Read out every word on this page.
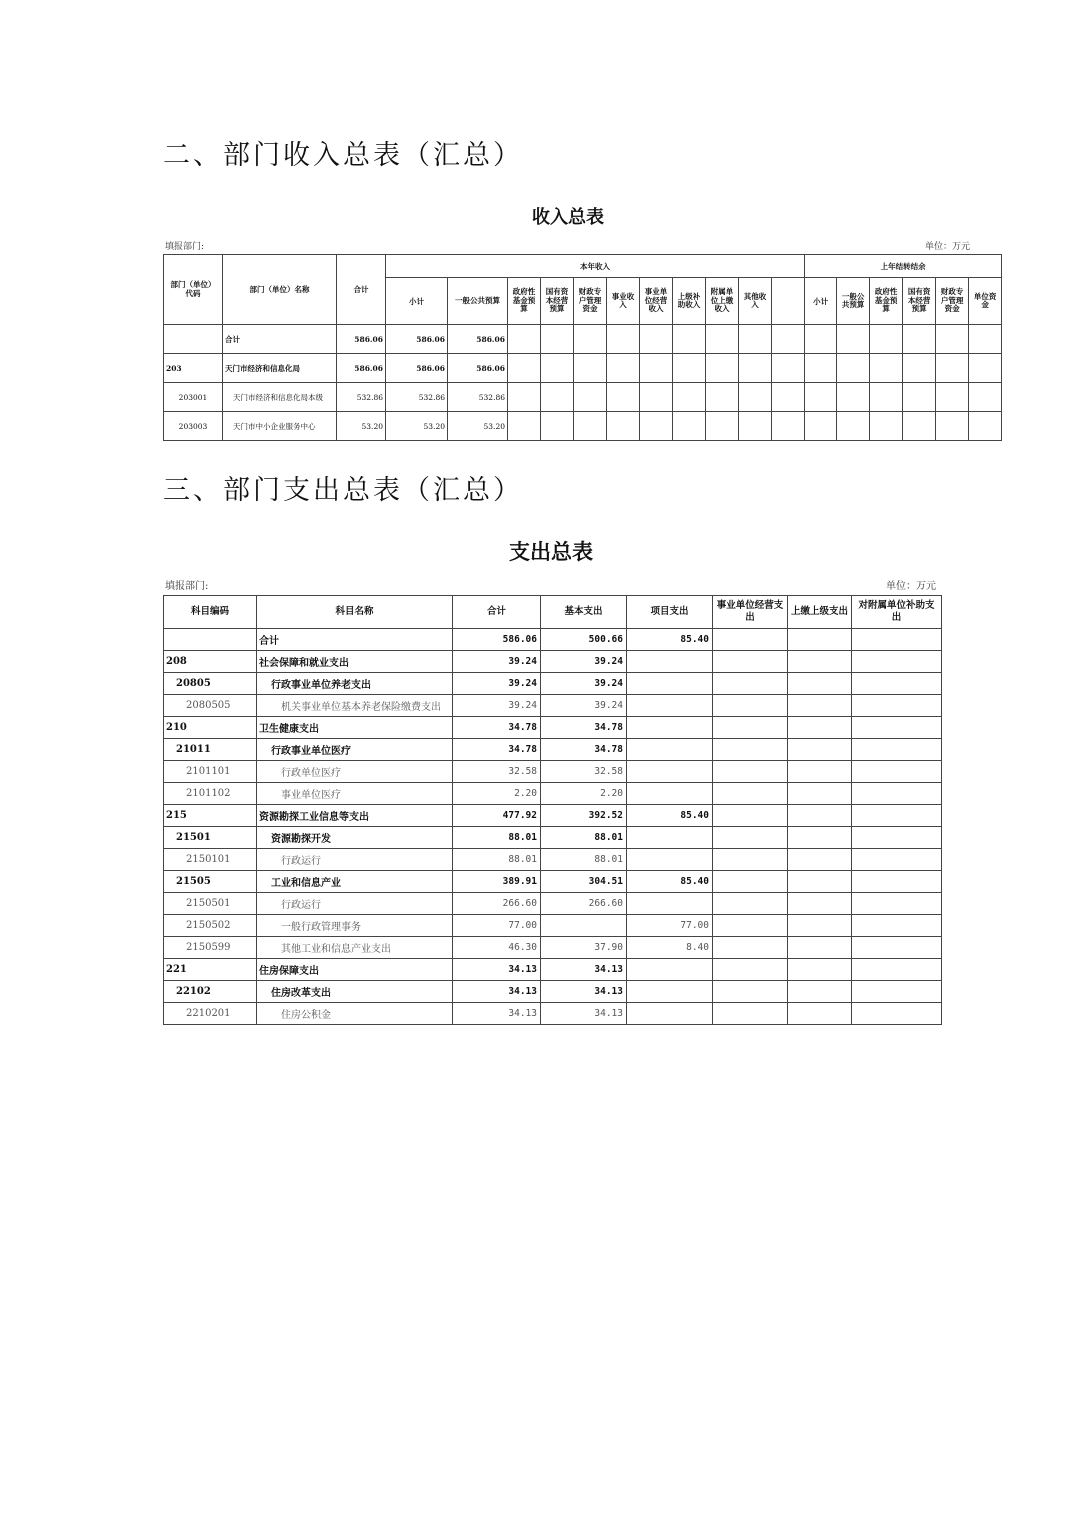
二、部门收入总表（汇总）
收入总表
填报部门:	单位：万元
部门（单位）代码	部门（单位）名称	合计	本年收入											上年结转结余					
			小计	一般公共预算	政府性基金预算	国有资本经营预算	财政专户管理资金	事业收入	事业单位经营收入	上级补助收入	附属单位上缴收入	其他收入		小计	一般公共预算	政府性基金预算	国有资本经营预算	财政专户管理资金	单位资金
	合计	586.06	586.06	586.06															
203	天门市经济和信息化局	586.06	586.06	586.06															
203001	天门市经济和信息化局本级	532.86	532.86	532.86															
203003	天门市中小企业服务中心	53.20	53.20	53.20															
三、部门支出总表（汇总）
支出总表
填报部门:	单位：万元
科目编码	科目名称	合计	基本支出	项目支出	事业单位经营支出	上缴上级支出	对附属单位补助支出
	合计	586.06	500.66	85.40			
208	社会保障和就业支出	39.24	39.24				
20805	行政事业单位养老支出	39.24	39.24				
2080505	机关事业单位基本养老保险缴费支出	39.24	39.24				
210	卫生健康支出	34.78	34.78				
21011	行政事业单位医疗	34.78	34.78				
2101101	行政单位医疗	32.58	32.58				
2101102	事业单位医疗	2.20	2.20				
215	资源勘探工业信息等支出	477.92	392.52	85.40			
21501	资源勘探开发	88.01	88.01				
2150101	行政运行	88.01	88.01				
21505	工业和信息产业	389.91	304.51	85.40			
2150501	行政运行	266.60	266.60				
2150502	一般行政管理事务	77.00		77.00			
2150599	其他工业和信息产业支出	46.30	37.90	8.40			
221	住房保障支出	34.13	34.13				
22102	住房改革支出	34.13	34.13				
2210201	住房公积金	34.13	34.13				
